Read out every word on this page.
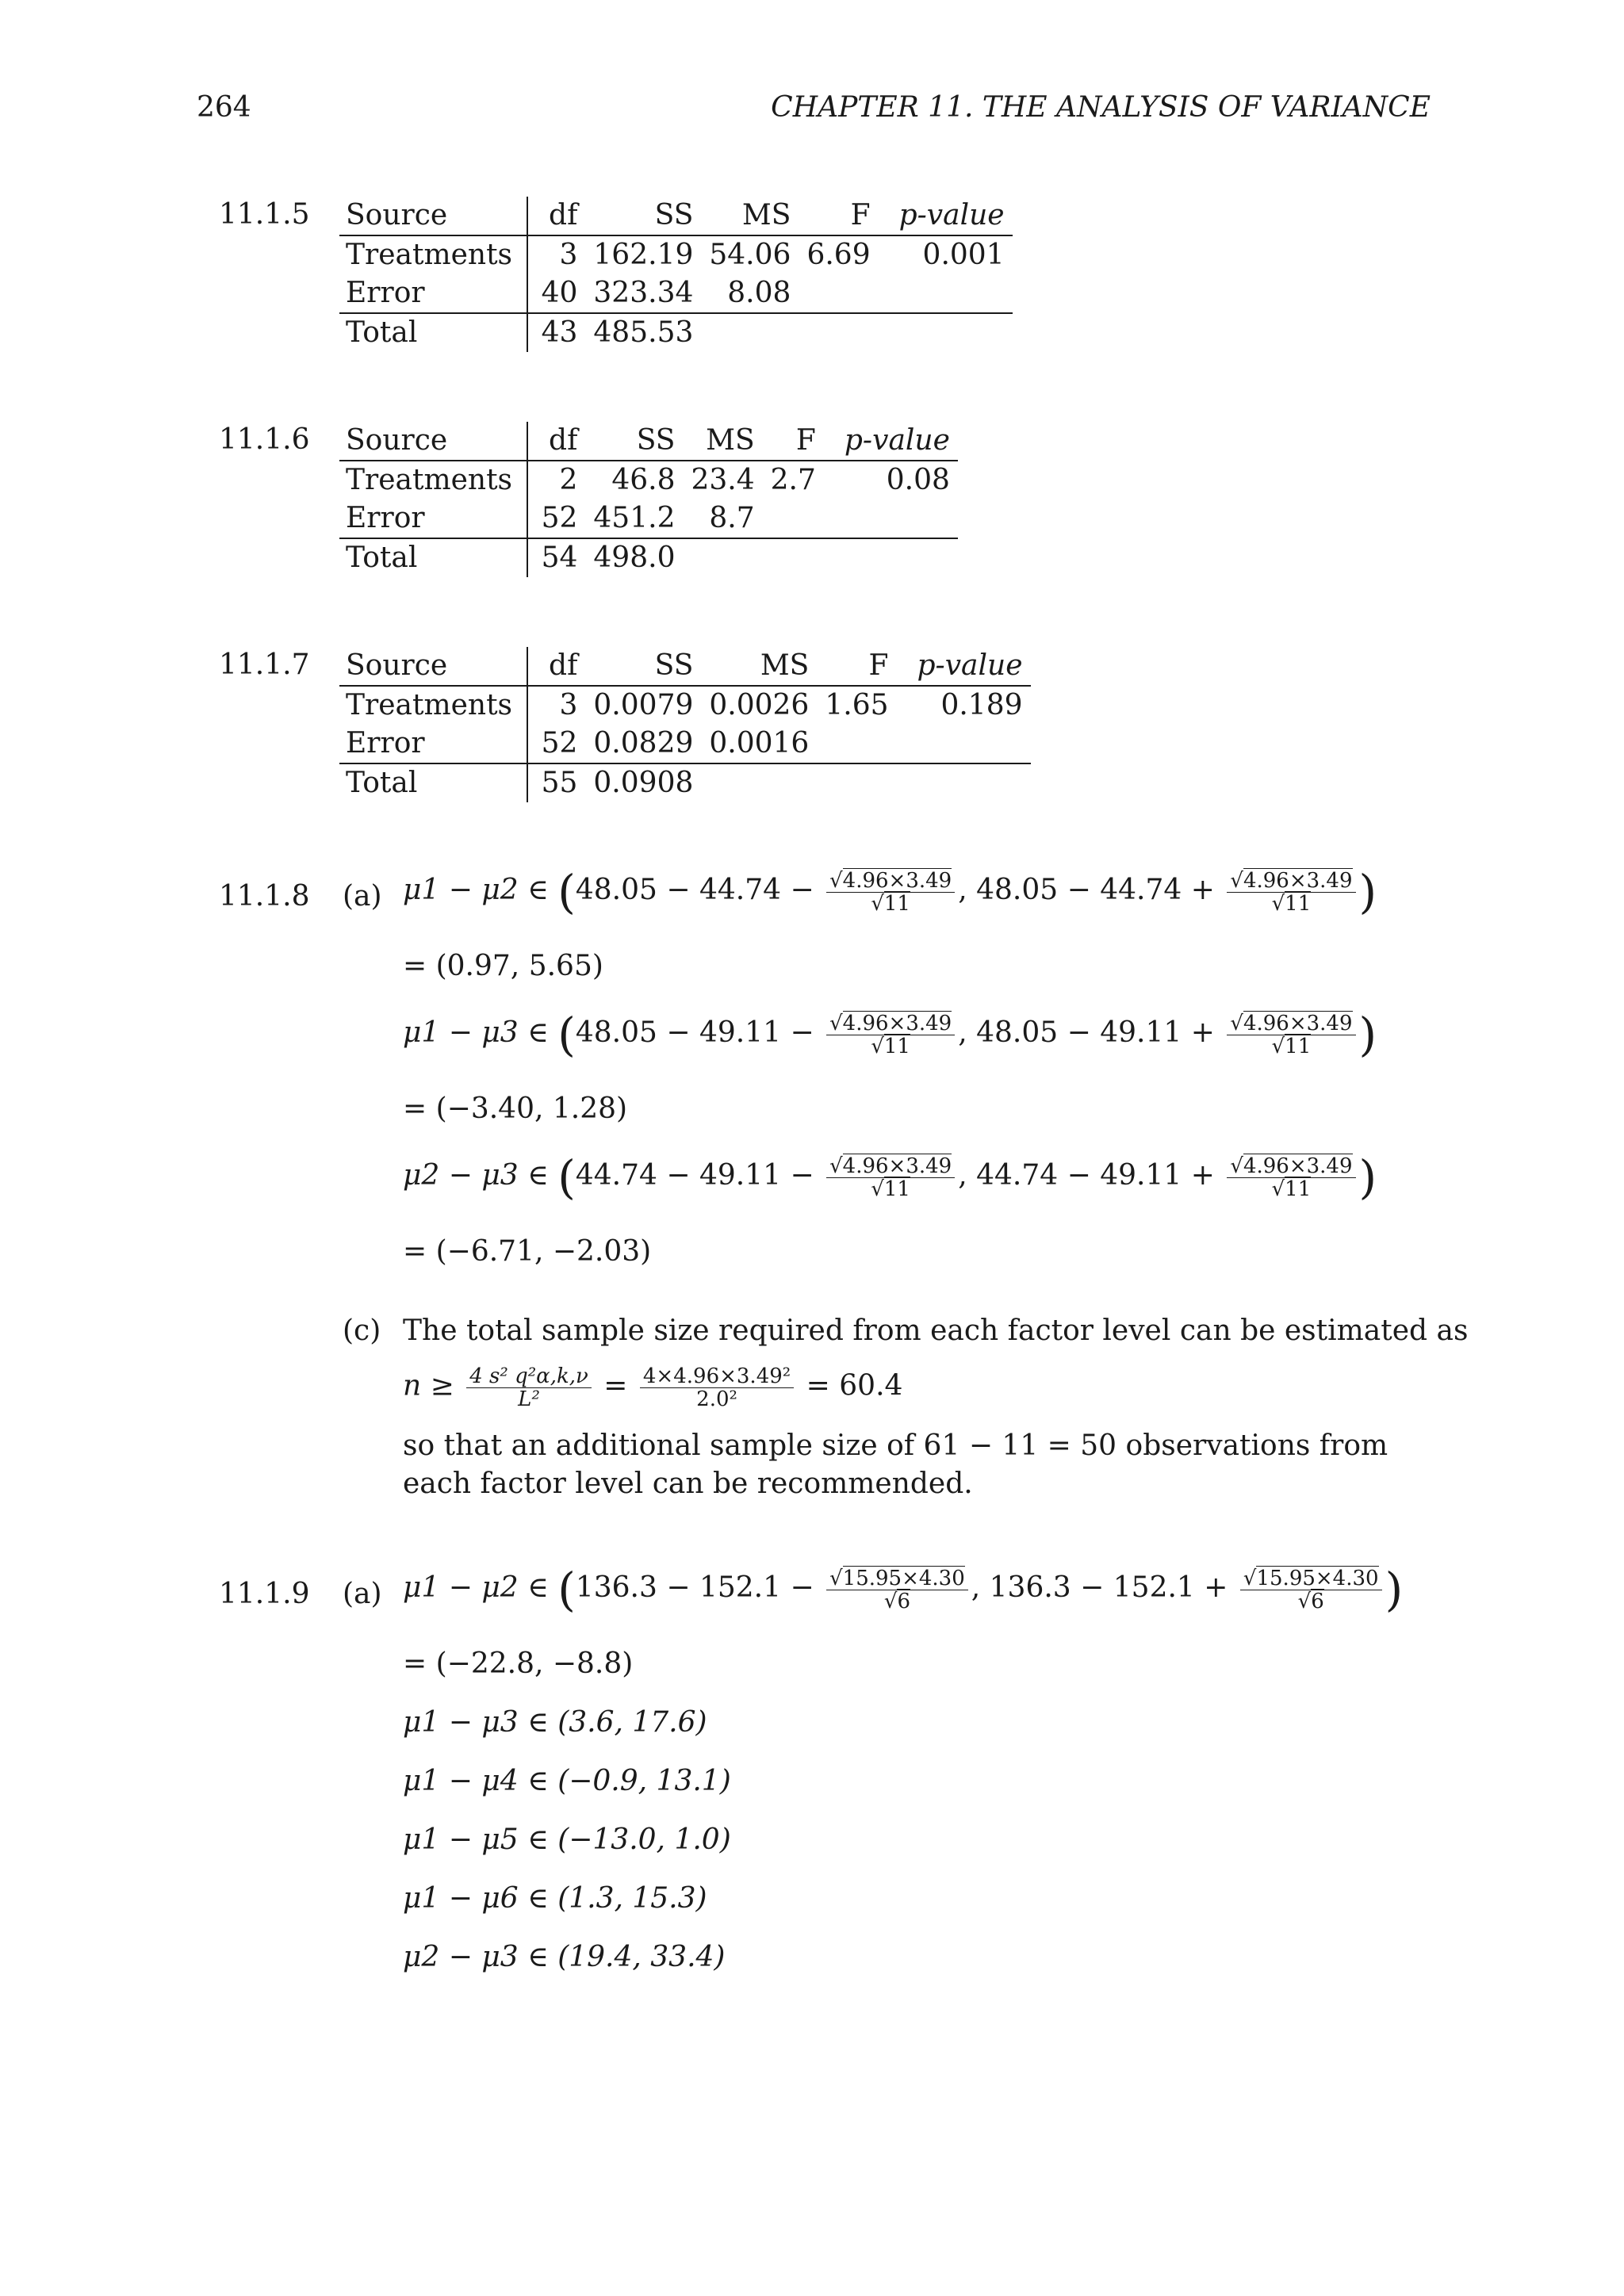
264	CHAPTER 11. THE ANALYSIS OF VARIANCE
11.1.5 Source	df	SS	MS	F	p-value
Treatments	3	162.19	54.06	6.69	0.001
Error	40	323.34	8.08		
Total	43	485.53			
11.1.6 Source	df	SS	MS	F	p-value
Treatments	2	46.8	23.4	2.7	0.08
Error	52	451.2	8.7		
Total	54	498.0			
11.1.7 Source	df	SS	MS	F	p-value
Treatments	3	0.0079	0.0026	1.65	0.189
Error	52	0.0829	0.0016		
Total	55	0.0908			
11.1.8 (a) μ1 − μ2 ∈ ($48.05 - 44.74 - \frac{√4.96\times 3.49}{√11}$ , $48.05 - 44.74 + \frac{√4.96\times 3.49}{√11}$ )
= (0.97, 5.65)
μ1 − μ3 ∈ ($48.05 - 49.11 - \frac{√4.96\times 3.49}{√11}$ , $48.05 - 49.11 + \frac{√4.96\times 3.49}{√11}$ )
= (−3.40, 1.28)
μ2 − μ3 ∈ ($44.74 - 49.11 - \frac{√4.96\times 3.49}{√11}$ , $44.74 - 49.11 + \frac{√4.96\times 3.49}{√11}$ )
= (−6.71, −2.03)
(c) The total sample size required from each factor level can be estimated as
$n \ge \frac{\text{4 s² q²α,k,ν}}{\text{L²}} = \frac{\text{4×4.96×3.49²}}{\text{2.0²}} = 60.4$
so that an additional sample size of 61 − 11 = 50 observations from each factor level can be recommended.
11.1.9 (a) μ1 − μ2 ∈ ($136.3 - 152.1 - \frac{√15.95\times 4.30}{√6}$ , $136.3 - 152.1 + \frac{√15.95\times 4.30}{√6}$ )
= (−22.8, −8.8)
μ1 − μ3 ∈ (3.6, 17.6)
μ1 − μ4 ∈ (−0.9, 13.1)
μ1 − μ5 ∈ (−13.0, 1.0)
μ1 − μ6 ∈ (1.3, 15.3)
μ2 − μ3 ∈ (19.4, 33.4)
